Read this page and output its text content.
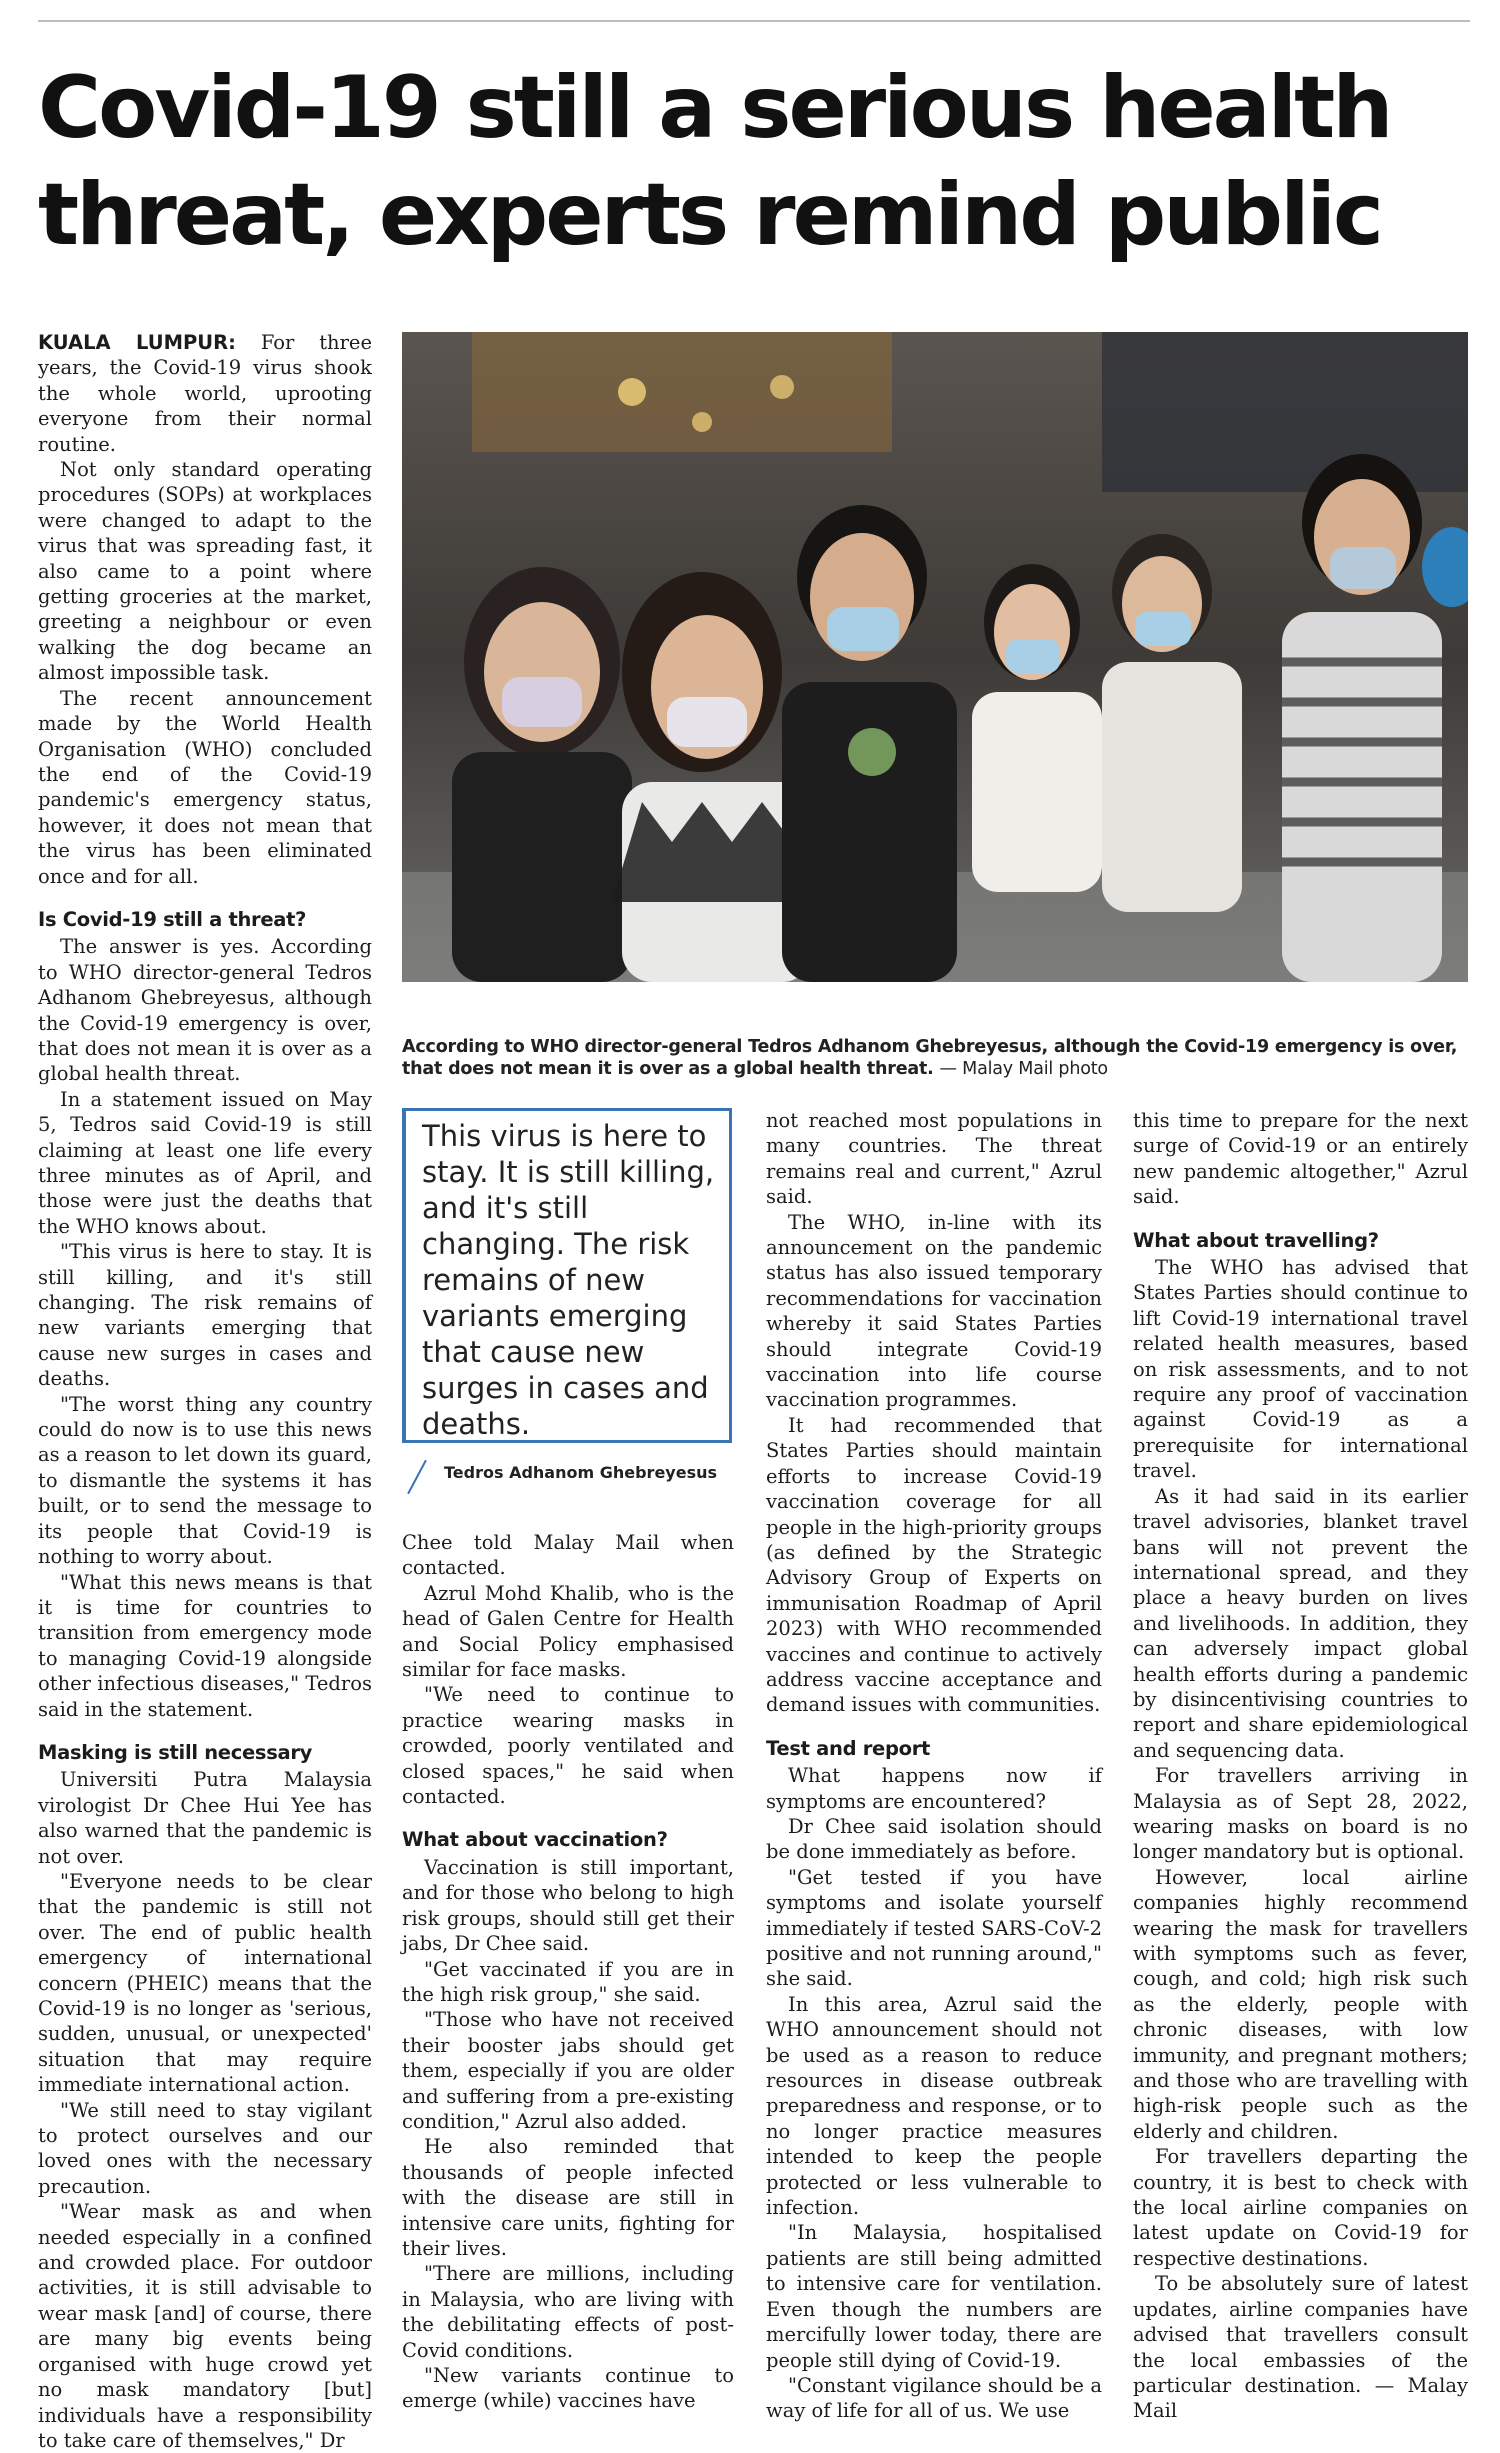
Covid-19 still a serious health threat, experts remind public

KUALA LUMPUR: For three years, the Covid-19 virus shook the whole world, uprooting everyone from their normal routine.

Not only standard operating procedures (SOPs) at workplaces were changed to adapt to the virus that was spreading fast, it also came to a point where getting groceries at the market, greeting a neighbour or even walking the dog became an almost impossible task.

The recent announcement made by the World Health Organisation (WHO) concluded the end of the Covid-19 pandemic's emergency status, however, it does not mean that the virus has been eliminated once and for all.

Is Covid-19 still a threat?

The answer is yes. According to WHO director-general Tedros Adhanom Ghebreyesus, although the Covid-19 emergency is over, that does not mean it is over as a global health threat.

In a statement issued on May 5, Tedros said Covid-19 is still claiming at least one life every three minutes as of April, and those were just the deaths that the WHO knows about.

"This virus is here to stay. It is still killing, and it's still changing. The risk remains of new variants emerging that cause new surges in cases and deaths.

"The worst thing any country could do now is to use this news as a reason to let down its guard, to dismantle the systems it has built, or to send the message to its people that Covid-19 is nothing to worry about.

"What this news means is that it is time for countries to transition from emergency mode to managing Covid-19 alongside other infectious diseases," Tedros said in the statement.

Masking is still necessary

Universiti Putra Malaysia virologist Dr Chee Hui Yee has also warned that the pandemic is not over.

"Everyone needs to be clear that the pandemic is still not over. The end of public health emergency of international concern (PHEIC) means that the Covid-19 is no longer as 'serious, sudden, unusual, or unexpected' situation that may require immediate international action.

"We still need to stay vigilant to protect ourselves and our loved ones with the necessary precaution.

"Wear mask as and when needed especially in a confined and crowded place. For outdoor activities, it is still advisable to wear mask [and] of course, there are many big events being organised with huge crowd yet no mask mandatory [but] individuals have a responsibility to take care of themselves," Dr

According to WHO director-general Tedros Adhanom Ghebreyesus, although the Covid-19 emergency is over, that does not mean it is over as a global health threat. — Malay Mail photo

This virus is here to stay. It is still killing, and it's still changing. The risk remains of new variants emerging that cause new surges in cases and deaths.

Tedros Adhanom Ghebreyesus

Chee told Malay Mail when contacted.

Azrul Mohd Khalib, who is the head of Galen Centre for Health and Social Policy emphasised similar for face masks.

"We need to continue to practice wearing masks in crowded, poorly ventilated and closed spaces," he said when contacted.

What about vaccination?

Vaccination is still important, and for those who belong to high risk groups, should still get their jabs, Dr Chee said.

"Get vaccinated if you are in the high risk group," she said.

"Those who have not received their booster jabs should get them, especially if you are older and suffering from a pre-existing condition," Azrul also added.

He also reminded that thousands of people infected with the disease are still in intensive care units, fighting for their lives.

"There are millions, including in Malaysia, who are living with the debilitating effects of post-Covid conditions.

"New variants continue to emerge (while) vaccines have

not reached most populations in many countries. The threat remains real and current," Azrul said.

The WHO, in-line with its announcement on the pandemic status has also issued temporary recommendations for vaccination whereby it said States Parties should integrate Covid-19 vaccination into life course vaccination programmes.

It had recommended that States Parties should maintain efforts to increase Covid-19 vaccination coverage for all people in the high-priority groups (as defined by the Strategic Advisory Group of Experts on immunisation Roadmap of April 2023) with WHO recommended vaccines and continue to actively address vaccine acceptance and demand issues with communities.

Test and report

What happens now if symptoms are encountered?

Dr Chee said isolation should be done immediately as before.

"Get tested if you have symptoms and isolate yourself immediately if tested SARS-CoV-2 positive and not running around," she said.

In this area, Azrul said the WHO announcement should not be used as a reason to reduce resources in disease outbreak preparedness and response, or to no longer practice measures intended to keep the people protected or less vulnerable to infection.

"In Malaysia, hospitalised patients are still being admitted to intensive care for ventilation. Even though the numbers are mercifully lower today, there are people still dying of Covid-19.

"Constant vigilance should be a way of life for all of us. We use

this time to prepare for the next surge of Covid-19 or an entirely new pandemic altogether," Azrul said.

What about travelling?

The WHO has advised that States Parties should continue to lift Covid-19 international travel related health measures, based on risk assessments, and to not require any proof of vaccination against Covid-19 as a prerequisite for international travel.

As it had said in its earlier travel advisories, blanket travel bans will not prevent the international spread, and they place a heavy burden on lives and livelihoods. In addition, they can adversely impact global health efforts during a pandemic by disincentivising countries to report and share epidemiological and sequencing data.

For travellers arriving in Malaysia as of Sept 28, 2022, wearing masks on board is no longer mandatory but is optional.

However, local airline companies highly recommend wearing the mask for travellers with symptoms such as fever, cough, and cold; high risk such as the elderly, people with chronic diseases, with low immunity, and pregnant mothers; and those who are travelling with high-risk people such as the elderly and children.

For travellers departing the country, it is best to check with the local airline companies on latest update on Covid-19 for respective destinations.

To be absolutely sure of latest updates, airline companies have advised that travellers consult the local embassies of the particular destination. — Malay Mail
